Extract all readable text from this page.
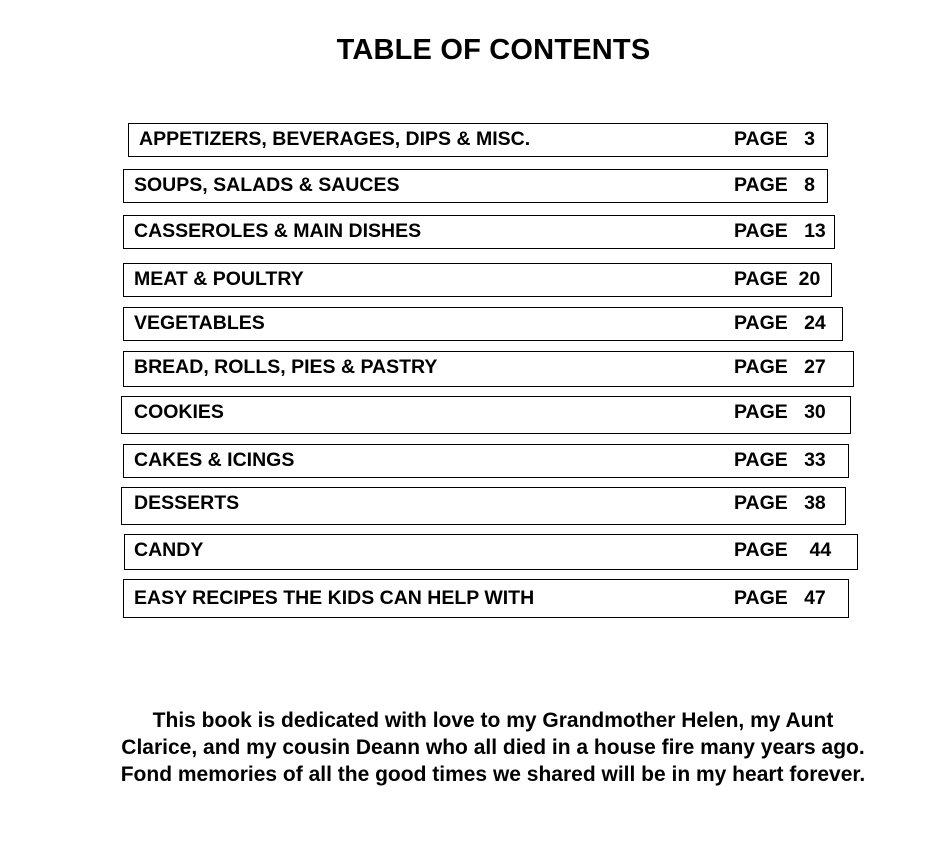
TABLE OF CONTENTS
APPETIZERS, BEVERAGES, DIPS & MISC.	PAGE   3
SOUPS, SALADS & SAUCES	PAGE   8
CASSEROLES & MAIN DISHES	PAGE   13
MEAT & POULTRY	PAGE  20
VEGETABLES	PAGE   24
BREAD, ROLLS, PIES & PASTRY	PAGE   27
COOKIES	PAGE   30
CAKES & ICINGS	PAGE   33
DESSERTS	PAGE   38
CANDY	PAGE    44
EASY RECIPES THE KIDS CAN HELP WITH	PAGE   47
This book is dedicated with love to my Grandmother Helen, my Aunt Clarice, and my cousin Deann who all died in a house fire many years ago. Fond memories of all the good times we shared will be in my heart forever.
